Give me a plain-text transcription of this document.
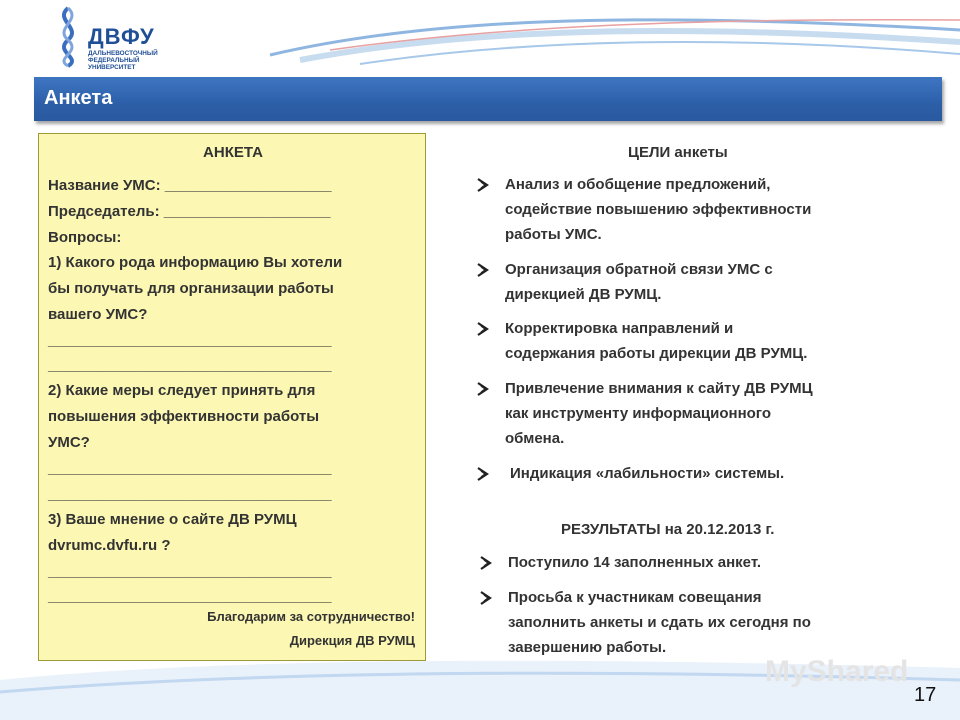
ДВФУ
ДАЛЬНЕВОСТОЧНЫЙ
ФЕДЕРАЛЬНЫЙ
УНИВЕРСИТЕТ
Анкета
АНКЕТА
Название УМС: ____________________
Председатель: ____________________
Вопросы:
1) Какого рода информацию Вы хотели
бы получать для организации работы
вашего УМС?
__________________________________
__________________________________
2) Какие меры следует принять для
повышения эффективности работы
УМС?
__________________________________
__________________________________
3) Ваше мнение о сайте ДВ РУМЦ
dvrumc.dvfu.ru ?
__________________________________
__________________________________
Благодарим за сотрудничество!
Дирекция ДВ РУМЦ
ЦЕЛИ анкеты
Анализ и обобщение предложений,
содействие повышению эффективности
работы УМС.
Организация обратной связи УМС с
дирекцией ДВ РУМЦ.
Корректировка направлений и
содержания работы дирекции ДВ РУМЦ.
Привлечение внимания к сайту ДВ РУМЦ
как инструменту информационного
обмена.
Индикация «лабильности» системы.
РЕЗУЛЬТАТЫ на 20.12.2013 г.
Поступило 14 заполненных анкет.
Просьба к участникам совещания
заполнить анкеты и сдать их сегодня по
завершению работы.
MyShared
17
